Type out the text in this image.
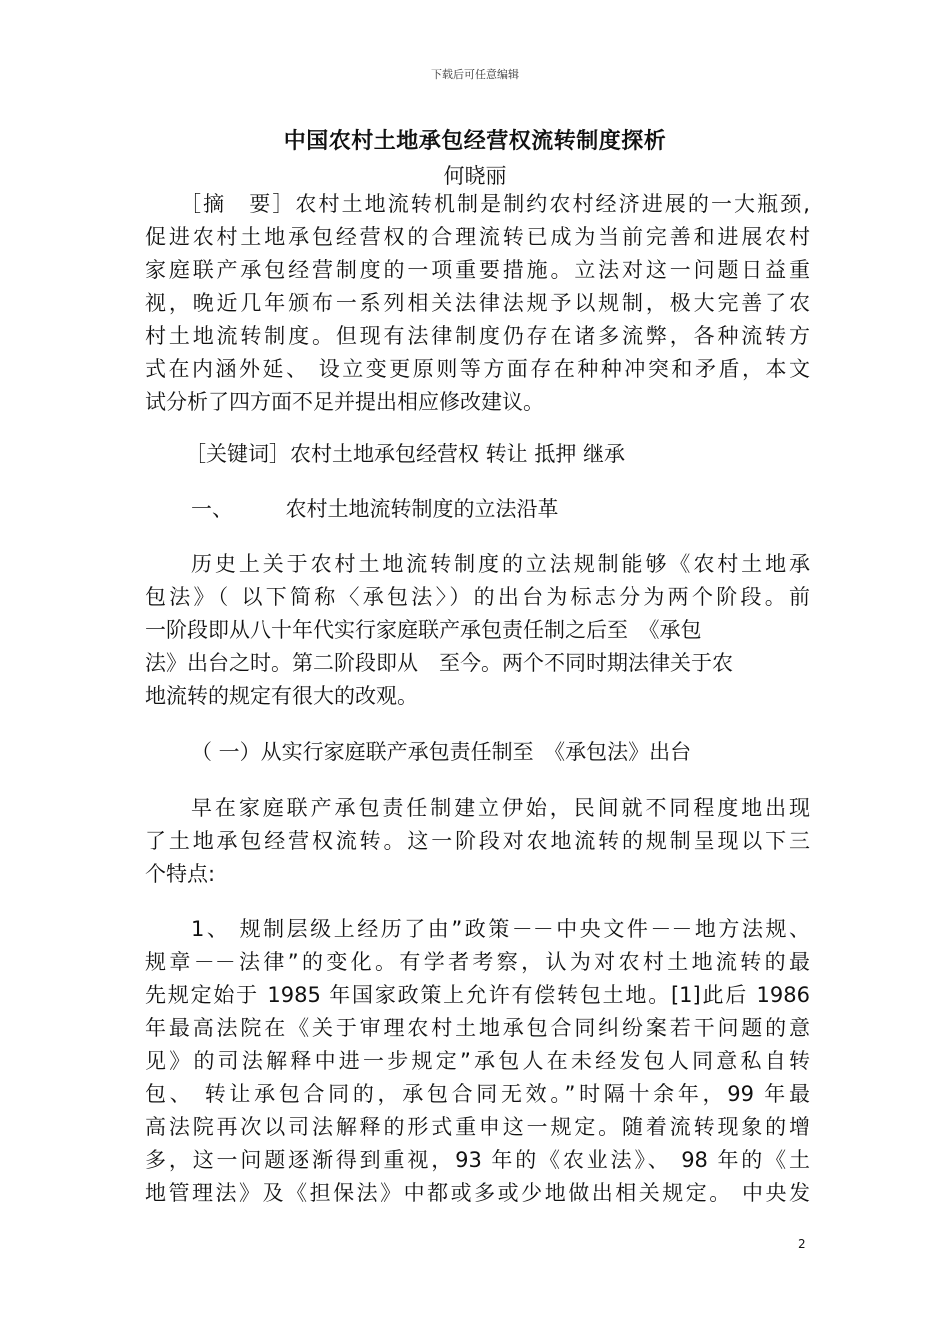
下载后可任意编辑
中国农村土地承包经营权流转制度探析
何晓丽
［摘　要］农村土地流转机制是制约农村经济进展的一大瓶颈,
促进农村土地承包经营权的合理流转已成为当前完善和进展农村
家庭联产承包经营制度的一项重要措施。立法对这一问题日益重
视，晚近几年颁布一系列相关法律法规予以规制，极大完善了农
村土地流转制度。但现有法律制度仍存在诸多流弊，各种流转方
式在内涵外延、 设立变更原则等方面存在种种冲突和矛盾，本文
试分析了四方面不足并提出相应修改建议。
［关键词］农村土地承包经营权 转让 抵押 继承
一、　　　农村土地流转制度的立法沿革
历史上关于农村土地流转制度的立法规制能够《农村土地承
包法》（ 以下简称〈承包法〉）的出台为标志分为两个阶段。前
一阶段即从八十年代实行家庭联产承包责任制之后至　《承包
法》出台之时。第二阶段即从　至今。两个不同时期法律关于农
地流转的规定有很大的改观。
（ 一）从实行家庭联产承包责任制至　《承包法》出台
早在家庭联产承包责任制建立伊始，民间就不同程度地出现
了土地承包经营权流转。这一阶段对农地流转的规制呈现以下三
个特点:
1、 规制层级上经历了由”政策－－中央文件－－地方法规、
规章－－法律”的变化。有学者考察，认为对农村土地流转的最
先规定始于 1985 年国家政策上允许有偿转包土地。[1]此后 1986
年最高法院在《关于审理农村土地承包合同纠纷案若干问题的意
见》的司法解释中进一步规定”承包人在未经发包人同意私自转
包、 转让承包合同的，承包合同无效。”时隔十余年，99 年最
高法院再次以司法解释的形式重申这一规定。随着流转现象的增
多，这一问题逐渐得到重视，93 年的《农业法》、 98 年的《土
地管理法》及《担保法》中都或多或少地做出相关规定。 中央发
2
